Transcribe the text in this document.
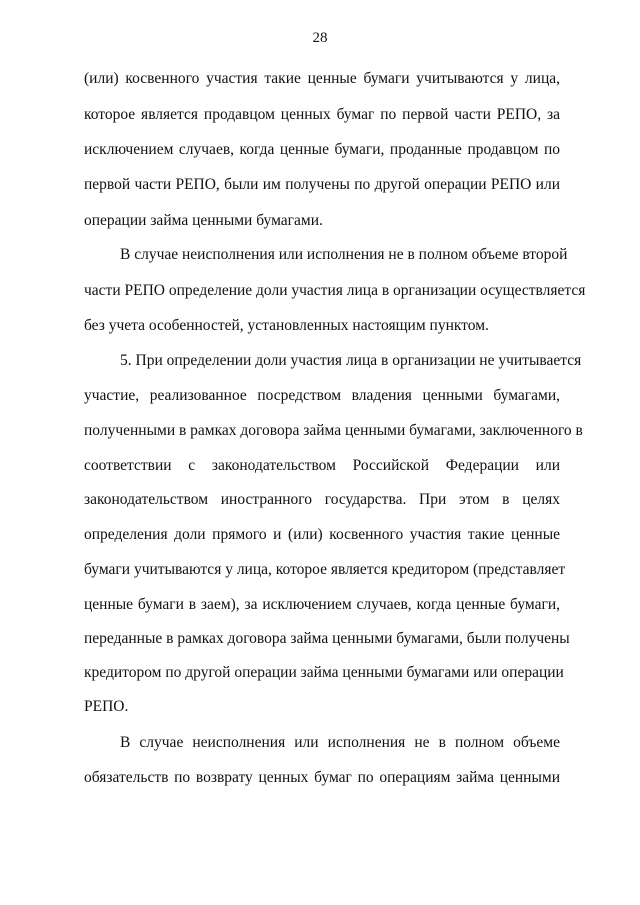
28
(или) косвенного участия такие ценные бумаги учитываются у лица,
которое является продавцом ценных бумаг по первой части РЕПО, за
исключением случаев, когда ценные бумаги, проданные продавцом по
первой части РЕПО, были им получены по другой операции РЕПО или
операции займа ценными бумагами.
В случае неисполнения или исполнения не в полном объеме второй
части РЕПО определение доли участия лица в организации осуществляется
без учета особенностей, установленных настоящим пунктом.
5. При определении доли участия лица в организации не учитывается
участие, реализованное посредством владения ценными бумагами,
полученными в рамках договора займа ценными бумагами, заключенного в
соответствии с законодательством Российской Федерации или
законодательством иностранного государства. При этом в целях
определения доли прямого и (или) косвенного участия такие ценные
бумаги учитываются у лица, которое является кредитором (представляет
ценные бумаги в заем), за исключением случаев, когда ценные бумаги,
переданные в рамках договора займа ценными бумагами, были получены
кредитором по другой операции займа ценными бумагами или операции
РЕПО.
В случае неисполнения или исполнения не в полном объеме
обязательств по возврату ценных бумаг по операциям займа ценными
